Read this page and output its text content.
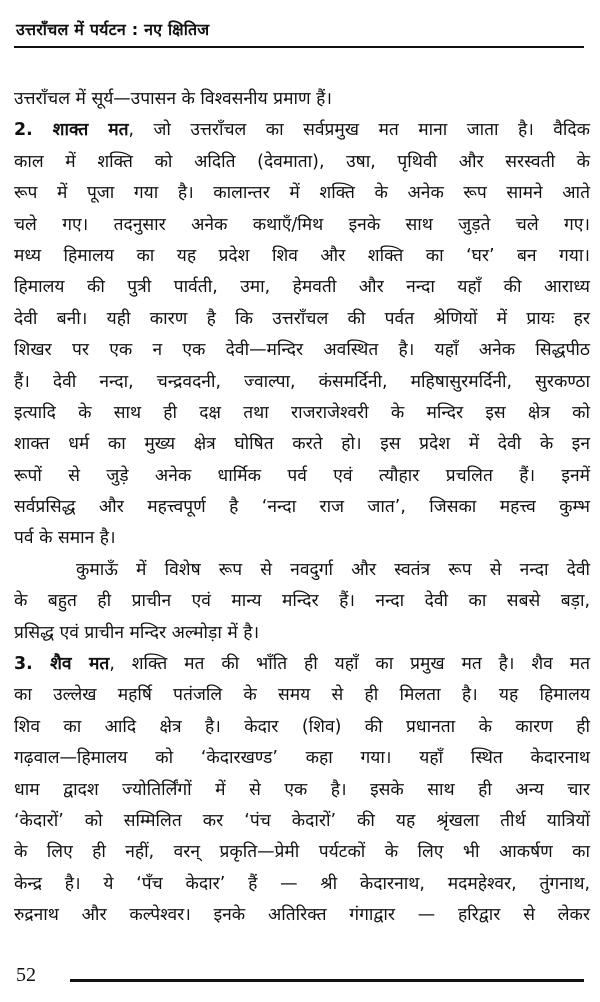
उत्तराँचल में पर्यटन : नए क्षितिज
उत्तराँचल में सूर्य—उपासन के विश्वसनीय प्रमाण हैं।
2. शाक्त मत, जो उत्तराँचल का सर्वप्रमुख मत माना जाता है। वैदिक
काल में शक्ति को अदिति (देवमाता), उषा, पृथिवी और सरस्वती के
रूप में पूजा गया है। कालान्तर में शक्ति के अनेक रूप सामने आते
चले गए। तदनुसार अनेक कथाएँ/मिथ इनके साथ जुड़ते चले गए।
मध्य हिमालय का यह प्रदेश शिव और शक्ति का ‘घर’ बन गया।
हिमालय की पुत्री पार्वती, उमा, हेमवती और नन्दा यहाँ की आराध्य
देवी बनी। यही कारण है कि उत्तराँचल की पर्वत श्रेणियों में प्रायः हर
शिखर पर एक न एक देवी—मन्दिर अवस्थित है। यहाँ अनेक सिद्धपीठ
हैं। देवी नन्दा, चन्द्रवदनी, ज्वाल्पा, कंसमर्दिनी, महिषासुरमर्दिनी, सुरकण्ठा
इत्यादि के साथ ही दक्ष तथा राजराजेश्वरी के मन्दिर इस क्षेत्र को
शाक्त धर्म का मुख्य क्षेत्र घोषित करते हो। इस प्रदेश में देवी के इन
रूपों से जुड़े अनेक धार्मिक पर्व एवं त्यौहार प्रचलित हैं। इनमें
सर्वप्रसिद्ध और महत्त्वपूर्ण है ‘नन्दा राज जात’, जिसका महत्त्व कुम्भ
पर्व के समान है।
कुमाऊँ में विशेष रूप से नवदुर्गा और स्वतंत्र रूप से नन्दा देवी
के बहुत ही प्राचीन एवं मान्य मन्दिर हैं। नन्दा देवी का सबसे बड़ा,
प्रसिद्ध एवं प्राचीन मन्दिर अल्मोड़ा में है।
3. शैव मत, शक्ति मत की भाँति ही यहाँ का प्रमुख मत है। शैव मत
का उल्लेख महर्षि पतंजलि के समय से ही मिलता है। यह हिमालय
शिव का आदि क्षेत्र है। केदार (शिव) की प्रधानता के कारण ही
गढ़वाल—हिमालय को ‘केदारखण्ड’ कहा गया। यहाँ स्थित केदारनाथ
धाम द्वादश ज्योतिर्लिंगों में से एक है। इसके साथ ही अन्य चार
‘केदारों’ को सम्मिलित कर ‘पंच केदारों’ की यह श्रृंखला तीर्थ यात्रियों
के लिए ही नहीं, वरन् प्रकृति—प्रेमी पर्यटकों के लिए भी आकर्षण का
केन्द्र है। ये ‘पँच केदार’ हैं — श्री केदारनाथ, मदमहेश्वर, तुंगनाथ,
रुद्रनाथ और कल्पेश्वर। इनके अतिरिक्त गंगाद्वार — हरिद्वार से लेकर
52
